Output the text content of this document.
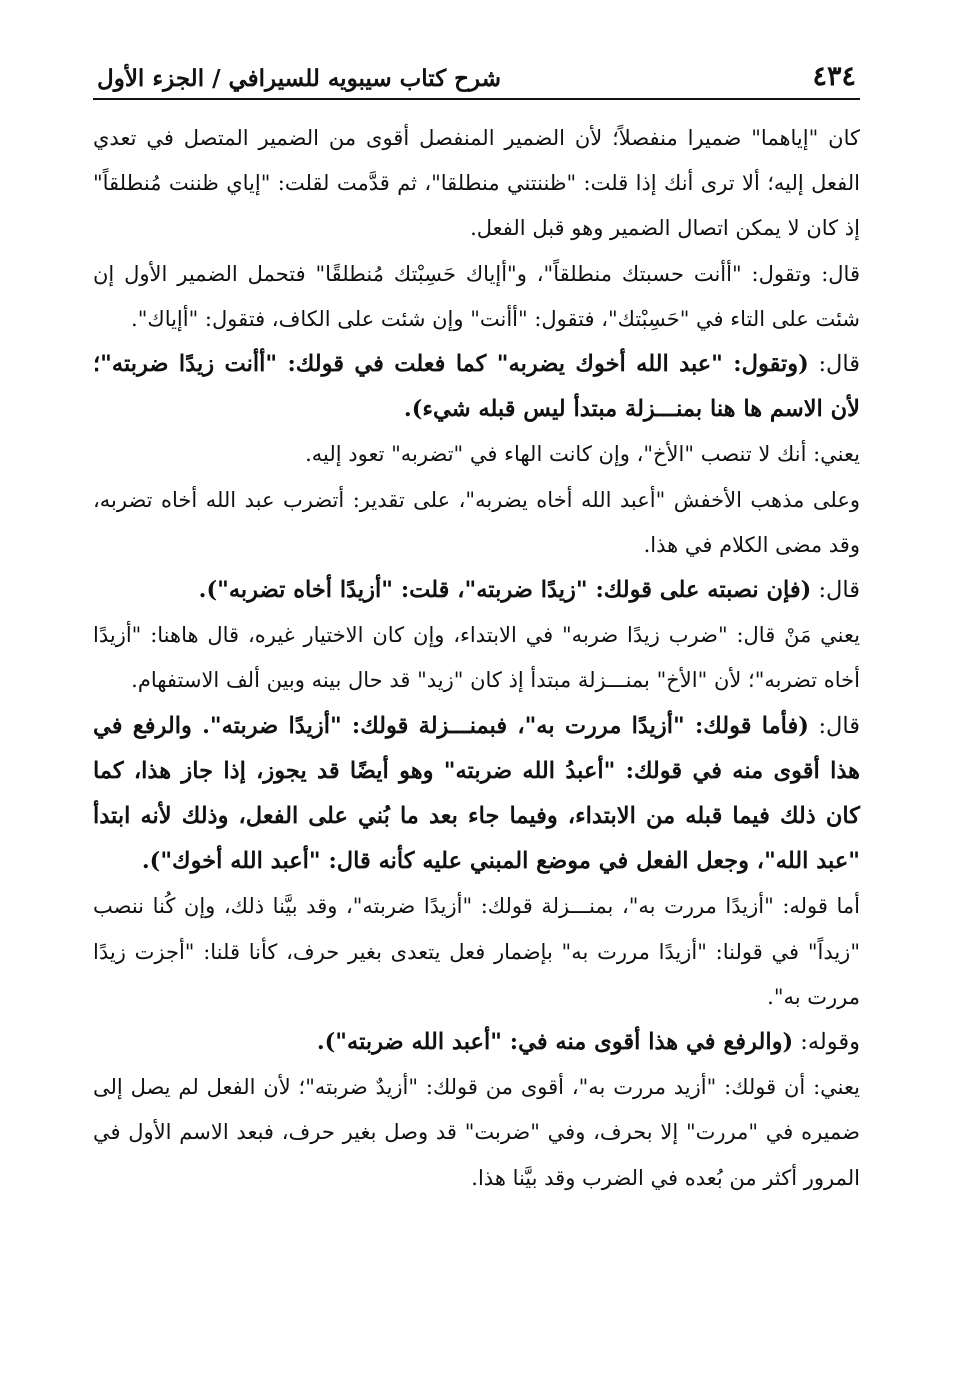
٤٣٤
شرح كتاب سيبويه للسيرافي / الجزء الأول

كان "إياهما" ضميرا منفصلاً؛ لأن الضمير المنفصل أقوى من الضمير المتصل في تعدي الفعل إليه؛ ألا ترى أنك إذا قلت: "ظننتني منطلقا"، ثم قدَّمت لقلت: "إياي ظننت مُنطلقاً" إذ كان لا يمكن اتصال الضمير وهو قبل الفعل.

قال: وتقول: "أأنت حسبتك منطلقاً"، و"أإياك حَسِبْتك مُنطلقًا" فتحمل الضمير الأول إن شئت على التاء في "حَسِبْتك"، فتقول: "أأنت" وإن شئت على الكاف، فتقول: "أإياك".

قال: (وتقول: "عبد الله أخوك يضربه" كما فعلت في قولك: "أأنت زيدًا ضربته"؛ لأن الاسم ها هنا بمنـــزلة مبتدأ ليس قبله شيء).

يعني: أنك لا تنصب "الأخ"، وإن كانت الهاء في "تضربه" تعود إليه.

وعلى مذهب الأخفش "أعبد الله أخاه يضربه"، على تقدير: أتضرب عبد الله أخاه تضربه، وقد مضى الكلام في هذا.

قال: (فإن نصبته على قولك: "زيدًا ضربته"، قلت: "أزيدًا أخاه تضربه").

يعني مَنْ قال: "ضرب زيدًا ضربه" في الابتداء، وإن كان الاختيار غيره، قال هاهنا: "أزيدًا أخاه تضربه"؛ لأن "الأخ" بمنـــزلة مبتدأ إذ كان "زيد" قد حال بينه وبين ألف الاستفهام.

قال: (فأما قولك: "أزيدًا مررت به"، فبمنـــزلة قولك: "أزيدًا ضربته". والرفع في هذا أقوى منه في قولك: "أعبدُ الله ضربته" وهو أيضًا قد يجوز، إذا جاز هذا، كما كان ذلك فيما قبله من الابتداء، وفيما جاء بعد ما بُني على الفعل، وذلك لأنه ابتدأ "عبد الله"، وجعل الفعل في موضع المبني عليه كأنه قال: "أعبد الله أخوك").

أما قوله: "أزيدًا مررت به"، بمنـــزلة قولك: "أزيدًا ضربته"، وقد بيَّنا ذلك، وإن كُنا ننصب "زيداً" في قولنا: "أزيدًا مررت به" بإضمار فعل يتعدى بغير حرف، كأنا قلنا: "أجزت زيدًا مررت به".

وقوله: (والرفع في هذا أقوى منه في: "أعبد الله ضربته").

يعني: أن قولك: "أزيد مررت به"، أقوى من قولك: "أزيدٌ ضربته"؛ لأن الفعل لم يصل إلى ضميره في "مررت" إلا بحرف، وفي "ضربت" قد وصل بغير حرف، فبعد الاسم الأول في المرور أكثر من بُعده في الضرب وقد بيَّنا هذا.
